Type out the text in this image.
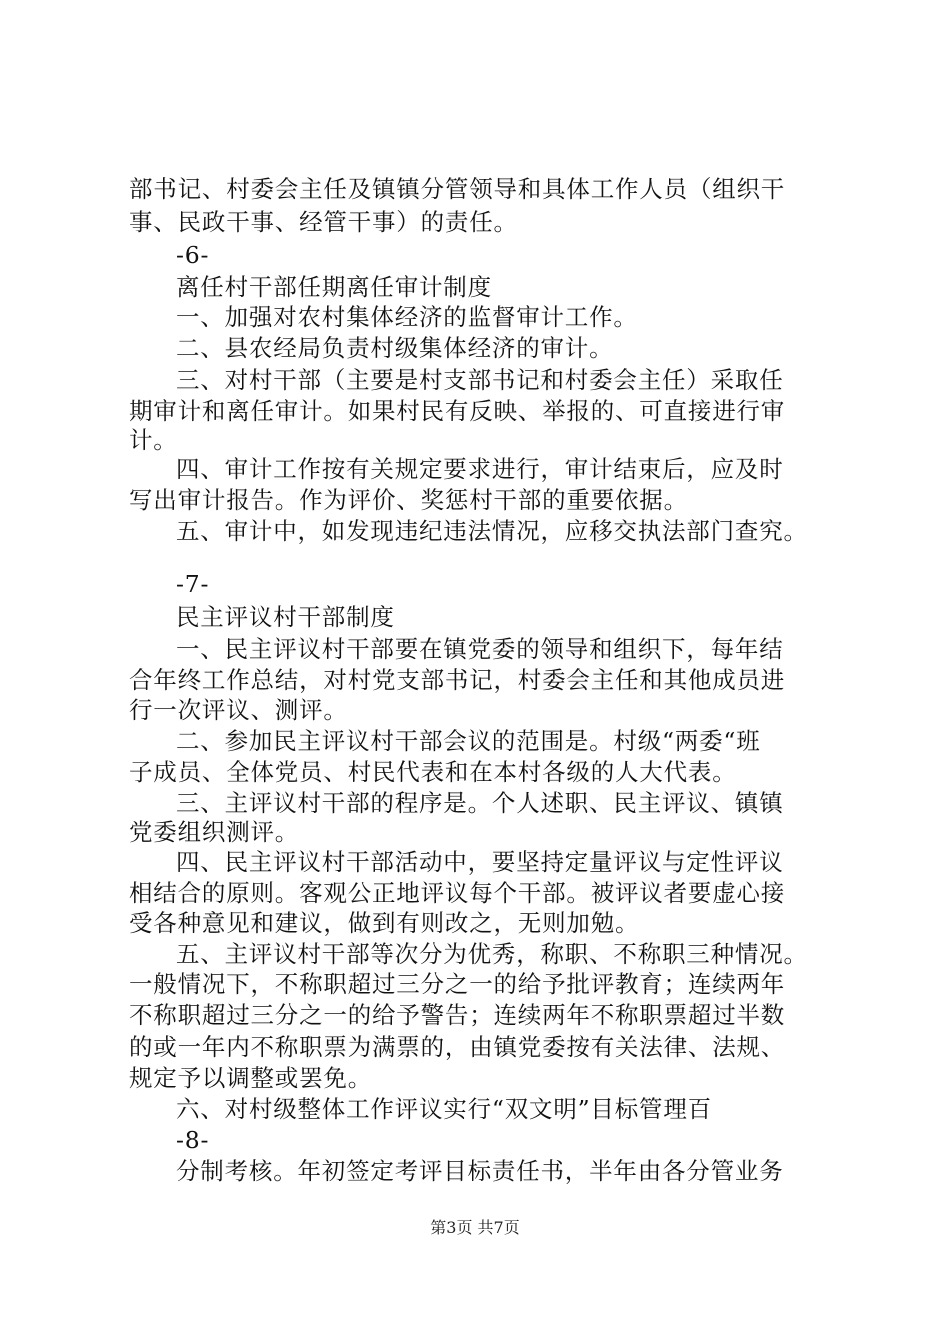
部书记、村委会主任及镇镇分管领导和具体工作人员（组织干
事、民政干事、经管干事）的责任。
-6-
离任村干部任期离任审计制度
一、加强对农村集体经济的监督审计工作。
二、县农经局负责村级集体经济的审计。
三、对村干部（主要是村支部书记和村委会主任）采取任
期审计和离任审计。如果村民有反映、举报的、可直接进行审
计。
四、审计工作按有关规定要求进行，审计结束后，应及时
写出审计报告。作为评价、奖惩村干部的重要依据。
五、审计中，如发现违纪违法情况，应移交执法部门查究。
-7-
民主评议村干部制度
一、民主评议村干部要在镇党委的领导和组织下，每年结
合年终工作总结，对村党支部书记，村委会主任和其他成员进
行一次评议、测评。
二、参加民主评议村干部会议的范围是。村级“两委“班
子成员、全体党员、村民代表和在本村各级的人大代表。
三、主评议村干部的程序是。个人述职、民主评议、镇镇
党委组织测评。
四、民主评议村干部活动中，要坚持定量评议与定性评议
相结合的原则。客观公正地评议每个干部。被评议者要虚心接
受各种意见和建议，做到有则改之，无则加勉。
五、主评议村干部等次分为优秀，称职、不称职三种情况。
一般情况下，不称职超过三分之一的给予批评教育；连续两年
不称职超过三分之一的给予警告；连续两年不称职票超过半数
的或一年内不称职票为满票的，由镇党委按有关法律、法规、
规定予以调整或罢免。
六、对村级整体工作评议实行“双文明”目标管理百
-8-
分制考核。年初签定考评目标责任书，半年由各分管业务
第3页 共7页
